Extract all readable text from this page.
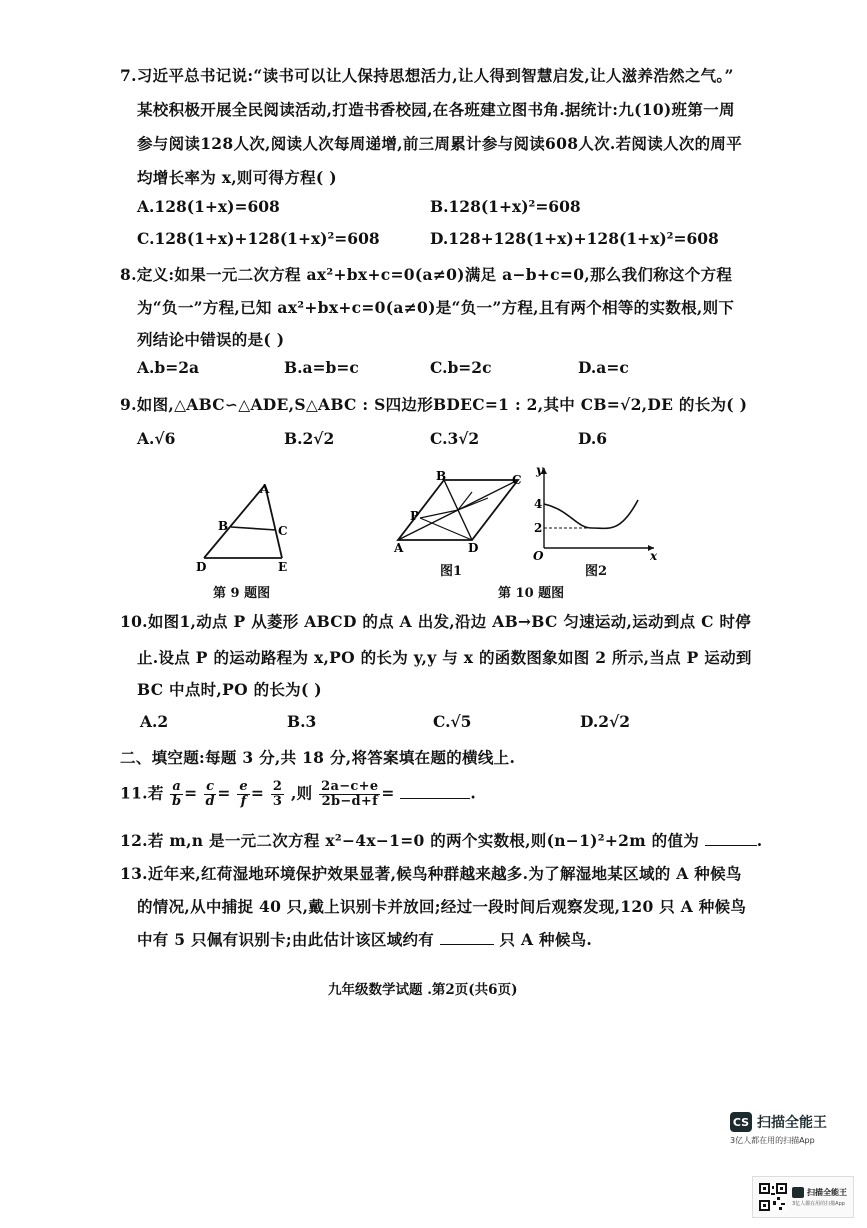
7.习近平总书记说:“读书可以让人保持思想活力,让人得到智慧启发,让人滋养浩然之气。”
某校积极开展全民阅读活动,打造书香校园,在各班建立图书角.据统计:九(10)班第一周
参与阅读128人次,阅读人次每周递增,前三周累计参与阅读608人次.若阅读人次的周平
均增长率为 x,则可得方程( )
A.128(1+x)=608	B.128(1+x)²=608
C.128(1+x)+128(1+x)²=608	D.128+128(1+x)+128(1+x)²=608
8.定义:如果一元二次方程 ax²+bx+c=0(a≠0)满足 a−b+c=0,那么我们称这个方程
为“负一”方程,已知 ax²+bx+c=0(a≠0)是“负一”方程,且有两个相等的实数根,则下
列结论中错误的是( )
A.b=2a	B.a=b=c	C.b=2c	D.a=c
9.如图,△ABC∽△ADE,S△ABC : S四边形BDEC=1 : 2,其中 CB=√2,DE 的长为( )
A.√6	B.2√2	C.3√2	D.6
A
B	C
D	E
第 9 题图
B	C
P
A	D
图1
y
x
O
4
2
图2
第 10 题图
10.如图1,动点 P 从菱形 ABCD 的点 A 出发,沿边 AB→BC 匀速运动,运动到点 C 时停
止.设点 P 的运动路程为 x,PO 的长为 y,y 与 x 的函数图象如图 2 所示,当点 P 运动到
BC 中点时,PO 的长为( )
A.2	B.3	C.√5	D.2√2
二、填空题:每题 3 分,共 18 分,将答案填在题的横线上.
11.若 $\frac{a}{b} = \frac{c}{d} = \frac{e}{f} = \frac{2}{3}$ ,则 $\frac{2a-c+e}{2b-d+f}$ =	.
12.若 m,n 是一元二次方程 x²−4x−1=0 的两个实数根,则(n−1)²+2m 的值为	.
13.近年来,红荷湿地环境保护效果显著,候鸟种群越来越多.为了解湿地某区域的 A 种候鸟
的情况,从中捕捉 40 只,戴上识别卡并放回;经过一段时间后观察发现,120 只 A 种候鸟
中有 5 只佩有识别卡;由此估计该区域约有	只 A 种候鸟.
九年级数学试题 .第2页(共6页)
CS 扫描全能王
3亿人都在用的扫描App
扫描全能王
3亿人都在用的扫描App
